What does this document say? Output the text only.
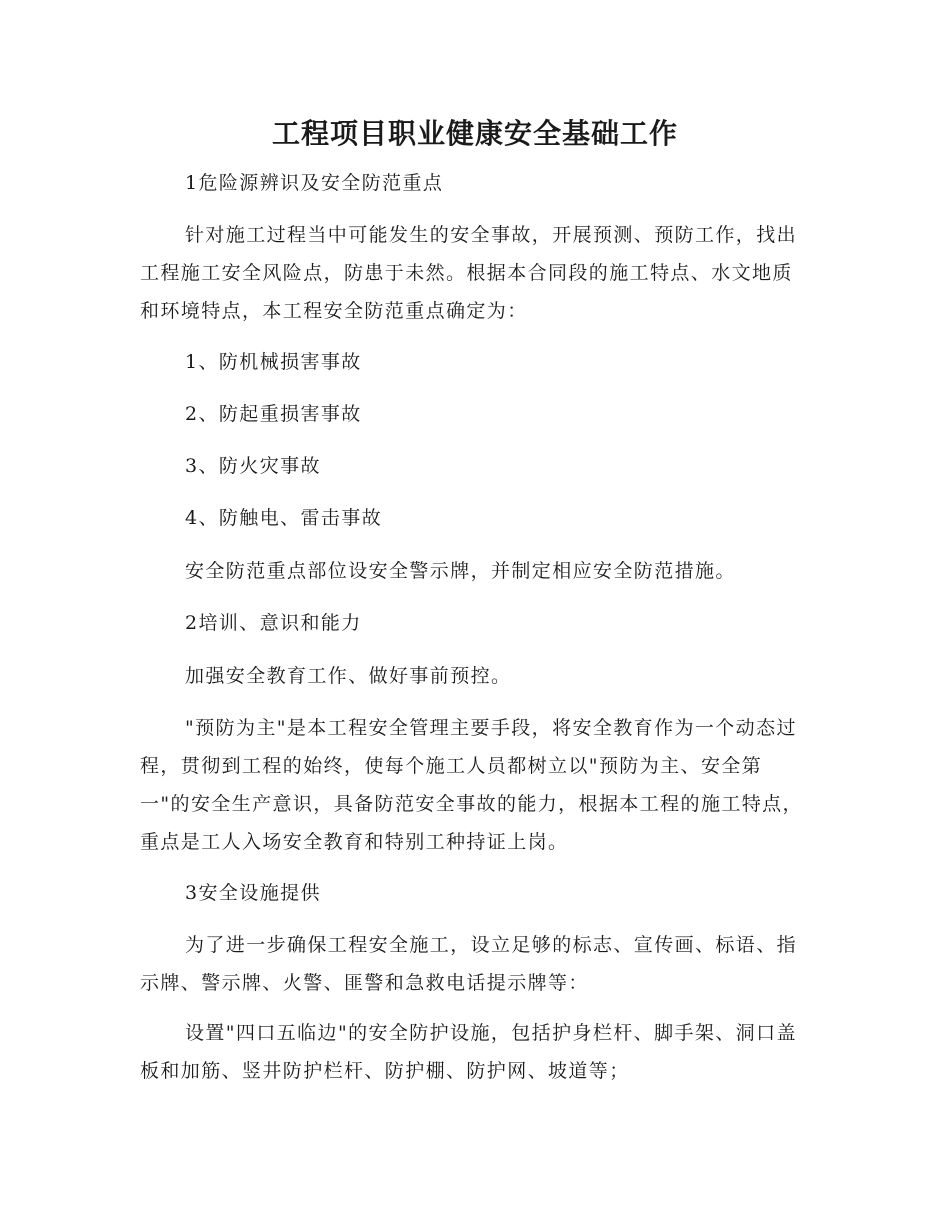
工程项目职业健康安全基础工作

1危险源辨识及安全防范重点

针对施工过程当中可能发生的安全事故，开展预测、预防工作，找出工程施工安全风险点，防患于未然。根据本合同段的施工特点、水文地质和环境特点，本工程安全防范重点确定为：

1、防机械损害事故

2、防起重损害事故

3、防火灾事故

4、防触电、雷击事故

安全防范重点部位设安全警示牌，并制定相应安全防范措施。

2培训、意识和能力

加强安全教育工作、做好事前预控。

"预防为主"是本工程安全管理主要手段，将安全教育作为一个动态过程，贯彻到工程的始终，使每个施工人员都树立以"预防为主、安全第一"的安全生产意识，具备防范安全事故的能力，根据本工程的施工特点，重点是工人入场安全教育和特别工种持证上岗。

3安全设施提供

为了进一步确保工程安全施工，设立足够的标志、宣传画、标语、指示牌、警示牌、火警、匪警和急救电话提示牌等：

设置"四口五临边"的安全防护设施，包括护身栏杆、脚手架、洞口盖板和加筋、竖井防护栏杆、防护棚、防护网、坡道等；
